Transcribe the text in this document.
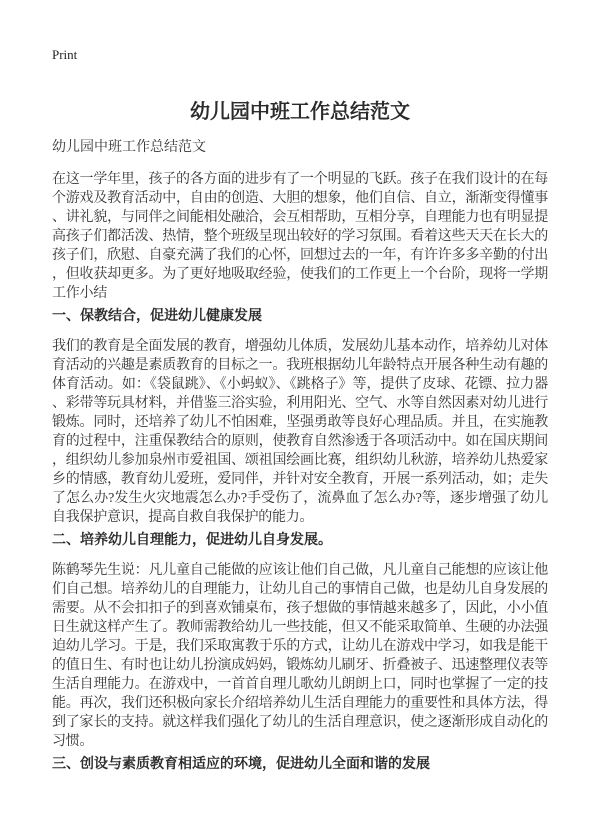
Print
幼儿园中班工作总结范文
幼儿园中班工作总结范文

在这一学年里，孩子的各方面的进步有了一个明显的飞跃。孩子在我们设计的在每个游戏及教育活动中，自由的创造、大胆的想象，他们自信、自立，渐渐变得懂事、讲礼貌，与同伴之间能相处融洽，会互相帮助，互相分享，自理能力也有明显提高孩子们都活泼、热情，整个班级呈现出较好的学习氛围。看着这些天天在长大的孩子们，欣慰、自豪充满了我们的心怀，回想过去的一年，有许许多多辛勤的付出，但收获却更多。为了更好地吸取经验，使我们的工作更上一个台阶，现将一学期工作小结

一、保教结合，促进幼儿健康发展

我们的教育是全面发展的教育，增强幼儿体质，发展幼儿基本动作，培养幼儿对体育活动的兴趣是素质教育的目标之一。我班根据幼儿年龄特点开展各种生动有趣的体育活动。如：《袋鼠跳》、《小蚂蚁》、《跳格子》等，提供了皮球、花镖、拉力器、彩带等玩具材料，并借鉴三浴实验，利用阳光、空气、水等自然因素对幼儿进行锻炼。同时，还培养了幼儿不怕困难，坚强勇敢等良好心理品质。并且，在实施教育的过程中，注重保教结合的原则，使教育自然渗透于各项活动中。如在国庆期间，组织幼儿参加泉州市爱祖国、颂祖国绘画比赛，组织幼儿秋游，培养幼儿热爱家乡的情感，教育幼儿爱班，爱同伴，并针对安全教育，开展一系列活动，如；走失了怎么办?发生火灾地震怎么办?手受伤了，流鼻血了怎么办?等，逐步增强了幼儿自我保护意识，提高自救自我保护的能力。

二、培养幼儿自理能力，促进幼儿自身发展。

陈鹤琴先生说：凡儿童自己能做的应该让他们自己做，凡儿童自己能想的应该让他们自己想。培养幼儿的自理能力，让幼儿自己的事情自己做，也是幼儿自身发展的需要。从不会扣扣子的到喜欢铺桌布，孩子想做的事情越来越多了，因此，小小值日生就这样产生了。教师需教给幼儿一些技能，但又不能采取简单、生硬的办法强迫幼儿学习。于是，我们采取寓教于乐的方式，让幼儿在游戏中学习，如我是能干的值日生、有时也让幼儿扮演成妈妈，锻炼幼儿刷牙、折叠被子、迅速整理仪表等生活自理能力。在游戏中，一首首自理儿歌幼儿朗朗上口，同时也掌握了一定的技能。再次，我们还积极向家长介绍培养幼儿生活自理能力的重要性和具体方法，得到了家长的支持。就这样我们强化了幼儿的生活自理意识，使之逐渐形成自动化的习惯。

三、创设与素质教育相适应的环境，促进幼儿全面和谐的发展
